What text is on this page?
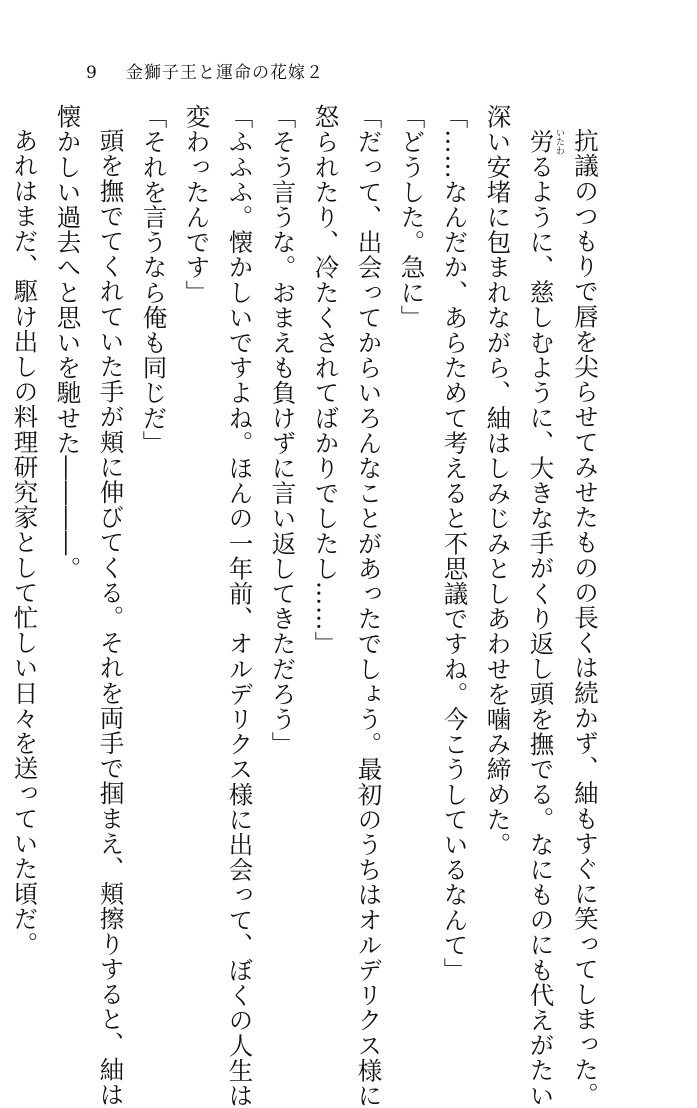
9 金獅子王と運命の花嫁２
抗議のつもりで唇を尖らせてみせたものの長くは続かず、紬もすぐに笑ってしまった。
労いたわるように、慈しむように、大きな手がくり返し頭を撫でる。なにものにも代えがたい
深い安堵に包まれながら、紬はしみじみとしあわせを噛み締めた。
「……なんだか、あらためて考えると不思議ですね。今こうしているなんて」
「どうした。急に」
「だって、出会ってからいろんなことがあったでしょう。最初のうちはオルデリクス様に
怒られたり、冷たくされてばかりでしたし……」
「そう言うな。おまえも負けずに言い返してきただろう」
「ふふふ。懐かしいですよね。ほんの一年前、オルデリクス様に出会って、ぼくの人生は
変わったんです」
「それを言うなら俺も同じだ」
頭を撫でてくれていた手が頬に伸びてくる。それを両手で掴まえ、頬擦りすると、紬は
懐かしい過去へと思いを馳せた――――。
あれはまだ、駆け出しの料理研究家として忙しい日々を送っていた頃だ。
